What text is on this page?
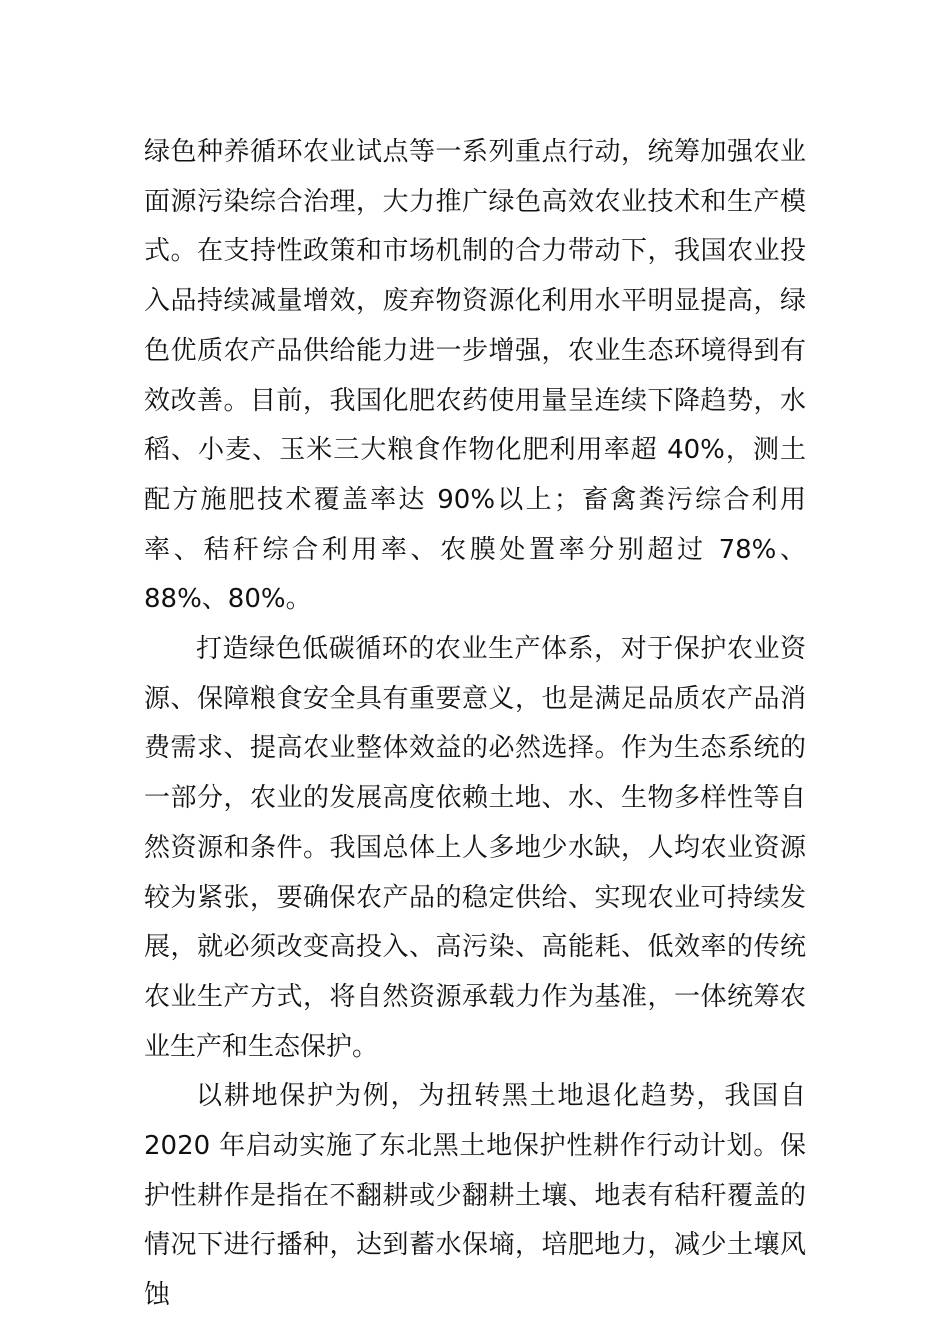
绿色种养循环农业试点等一系列重点行动，统筹加强农业面源污染综合治理，大力推广绿色高效农业技术和生产模式。在支持性政策和市场机制的合力带动下，我国农业投入品持续减量增效，废弃物资源化利用水平明显提高，绿色优质农产品供给能力进一步增强，农业生态环境得到有效改善。目前，我国化肥农药使用量呈连续下降趋势，水稻、小麦、玉米三大粮食作物化肥利用率超 40%，测土配方施肥技术覆盖率达 90%以上；畜禽粪污综合利用率、秸秆综合利用率、农膜处置率分别超过 78%、88%、80%。

打造绿色低碳循环的农业生产体系，对于保护农业资源、保障粮食安全具有重要意义，也是满足品质农产品消费需求、提高农业整体效益的必然选择。作为生态系统的一部分，农业的发展高度依赖土地、水、生物多样性等自然资源和条件。我国总体上人多地少水缺，人均农业资源较为紧张，要确保农产品的稳定供给、实现农业可持续发展，就必须改变高投入、高污染、高能耗、低效率的传统农业生产方式，将自然资源承载力作为基准，一体统筹农业生产和生态保护。

以耕地保护为例，为扭转黑土地退化趋势，我国自2020 年启动实施了东北黑土地保护性耕作行动计划。保护性耕作是指在不翻耕或少翻耕土壤、地表有秸秆覆盖的情况下进行播种，达到蓄水保墒，培肥地力，减少土壤风蚀
